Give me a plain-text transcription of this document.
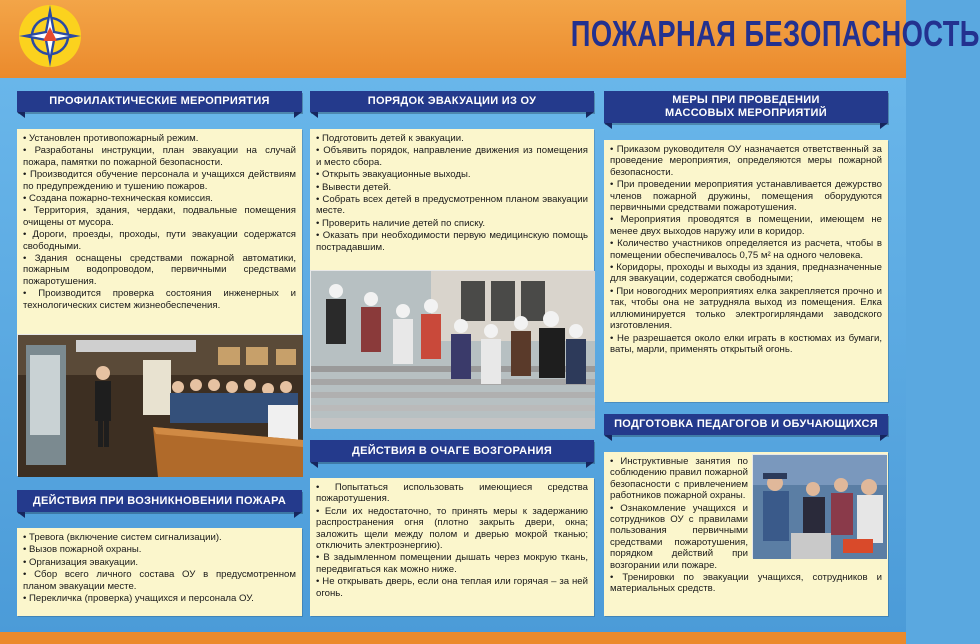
ПОЖАРНАЯ БЕЗОПАСНОСТЬ
ПРОФИЛАКТИЧЕСКИЕ МЕРОПРИЯТИЯ
• Установлен противопожарный режим.
• Разработаны инструкции, план эвакуации на случай пожара, памятки по пожарной безопасности.
• Производится обучение персонала и учащихся действиям по предупреждению и тушению пожаров.
• Создана пожарно-техническая комиссия.
• Территория, здания, чердаки, подвальные помещения очищены от мусора.
• Дороги, проезды, проходы, пути эвакуации содержатся свободными.
• Здания оснащены средствами пожарной автоматики, пожарным водопроводом, первичными средствами пожаротушения.
• Производится проверка состояния инженерных и технологических систем жизнеобеспечения.
ДЕЙСТВИЯ ПРИ ВОЗНИКНОВЕНИИ ПОЖАРА
• Тревога (включение систем сигнализации).
• Вызов пожарной охраны.
• Организация эвакуации.
• Сбор всего личного состава ОУ в предусмотренном планом эвакуации месте.
• Перекличка (проверка) учащихся и персонала ОУ.
ПОРЯДОК ЭВАКУАЦИИ ИЗ ОУ
• Подготовить детей к эвакуации.
• Объявить порядок, направление движения из помещения и место сбора.
• Открыть эвакуационные выходы.
• Вывести детей.
• Собрать всех детей в предусмотренном планом эвакуации месте.
• Проверить наличие детей по списку.
• Оказать при необходимости первую медицинскую помощь пострадавшим.
ДЕЙСТВИЯ В ОЧАГЕ ВОЗГОРАНИЯ
• Попытаться использовать имеющиеся средства пожаротушения.
• Если их недостаточно, то принять меры к задержанию распространения огня (плотно закрыть двери, окна; заложить щели между полом и дверью мокрой тканью; отключить электроэнергию).
• В задымленном помещении дышать через мокрую ткань, передвигаться как можно ниже.
• Не открывать дверь, если она теплая или горячая – за ней огонь.
МЕРЫ ПРИ ПРОВЕДЕНИИ
МАССОВЫХ МЕРОПРИЯТИЙ
• Приказом руководителя ОУ назначается ответственный за проведение мероприятия, определяются меры пожарной безопасности.
• При проведении мероприятия устанавливается дежурство членов пожарной дружины, помещения оборудуются первичными средствами пожаротушения.
• Мероприятия проводятся в помещении, имеющем не менее двух выходов наружу или в коридор.
• Количество участников определяется из расчета, чтобы в помещении обеспечивалось 0,75 м² на одного человека.
• Коридоры, проходы и выходы из здания, предназначенные для эвакуации, содержатся свободными;
• При новогодних мероприятиях елка закрепляется прочно и так, чтобы она не затрудняла выход из помещения. Елка иллюминируется только электрогирляндами заводского изготовления.
• Не разрешается около елки играть в костюмах из бумаги, ваты, марли, применять открытый огонь.
ПОДГОТОВКА ПЕДАГОГОВ И ОБУЧАЮЩИХСЯ
• Инструктивные занятия по соблюдению правил пожарной безопасности с привлечением работников пожарной охраны.
• Ознакомление учащихся и сотрудников ОУ с правилами пользования первичными средствами пожаротушения, порядком действий при возгорании или пожаре.
• Тренировки по эвакуации учащихся, сотрудников и материальных средств.
